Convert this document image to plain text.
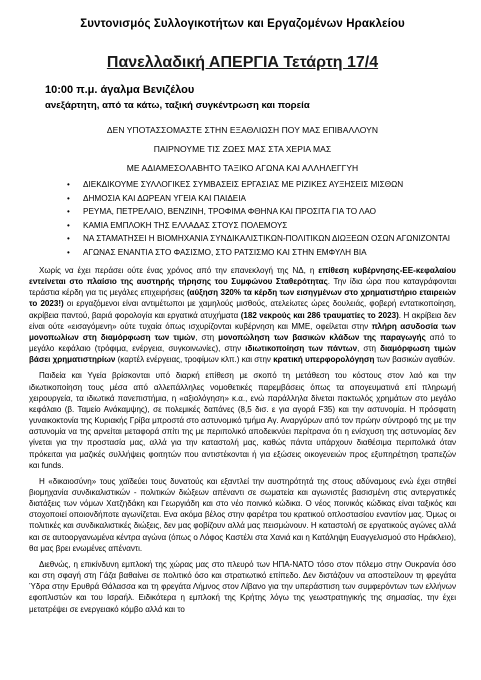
Συντονισμός Συλλογικοτήτων και Εργαζομένων Ηρακλείου
Πανελλαδική ΑΠΕΡΓΙΑ Τετάρτη 17/4
10:00 π.μ. άγαλμα Βενιζέλου
ανεξάρτητη, από τα κάτω, ταξική συγκέντρωση και πορεία
ΔΕΝ ΥΠΟΤΑΣΣΟΜΑΣΤΕ ΣΤΗΝ ΕΞΑΘΛΙΩΣΗ ΠΟΥ ΜΑΣ ΕΠΙΒΑΛΛΟΥΝ
ΠΑΙΡΝΟΥΜΕ ΤΙΣ ΖΩΕΣ ΜΑΣ ΣΤΑ ΧΕΡΙΑ ΜΑΣ
ΜΕ ΑΔΙΑΜΕΣΟΛΑΒΗΤΟ ΤΑΞΙΚΟ ΑΓΩΝΑ ΚΑΙ ΑΛΛΗΛΕΓΓΥΗ
• ΔΙΕΚΔΙΚΟΥΜΕ ΣΥΛΛΟΓΙΚΕΣ ΣΥΜΒΑΣΕΙΣ ΕΡΓΑΣΙΑΣ ΜΕ ΡΙΖΙΚΕΣ ΑΥΞΗΣΕΙΣ ΜΙΣΘΩΝ
• ΔΗΜΟΣΙΑ ΚΑΙ ΔΩΡΕΑΝ ΥΓΕΙΑ ΚΑΙ ΠΑΙΔΕΙΑ
• ΡΕΥΜΑ, ΠΕΤΡΕΛΑΙΟ, ΒΕΝΖΙΝΗ, ΤΡΟΦΙΜΑ ΦΘΗΝΑ ΚΑΙ ΠΡΟΣΙΤΑ ΓΙΑ ΤΟ ΛΑΟ
• ΚΑΜΙΑ ΕΜΠΛΟΚΗ ΤΗΣ ΕΛΛΑΔΑΣ ΣΤΟΥΣ ΠΟΛΕΜΟΥΣ
• ΝΑ ΣΤΑΜΑΤΗΣΕΙ Η ΒΙΟΜΗΧΑΝΙΑ ΣΥΝΔΙΚΑΛΙΣΤΙΚΩΝ-ΠΟΛΙΤΙΚΩΝ ΔΙΩΞΕΩΝ ΟΣΩΝ ΑΓΩΝΙΖΟΝΤΑΙ
• ΑΓΩΝΑΣ ΕΝΑΝΤΙΑ ΣΤΟ ΦΑΣΙΣΜΟ, ΣΤΟ ΡΑΤΣΙΣΜΟ ΚΑΙ ΣΤΗΝ ΕΜΦΥΛΗ ΒΙΑ

Χωρίς να έχει περάσει ούτε ένας χρόνος από την επανεκλογή της ΝΔ, η επίθεση κυβέρνησης-ΕΕ-κεφαλαίου εντείνεται στο πλαίσιο της αυστηρής τήρησης του Συμφώνου Σταθερότητας. Την ίδια ώρα που καταγράφονται τεράστια κέρδη για τις μεγάλες επιχειρήσεις (αύξηση 320% τα κέρδη των εισηγμένων στο χρηματιστήριο εταιρειών το 2023!) οι εργαζόμενοι είναι αντιμέτωποι με χαμηλούς μισθούς, ατελείωτες ώρες δουλειάς, φοβερή εντατικοποίηση, ακρίβεια παντού, βαριά φορολογία και εργατικά ατυχήματα (182 νεκρούς και 286 τραυματίες το 2023). Η ακρίβεια δεν είναι ούτε «εισαγόμενη» ούτε τυχαία όπως ισχυρίζονται κυβέρνηση και ΜΜΕ, οφείλεται στην πλήρη ασυδοσία των μονοπωλίων στη διαμόρφωση των τιμών, στη μονοπώληση των βασικών κλάδων της παραγωγής από το μεγάλο κεφάλαιο (τρόφιμα, ενέργεια, συγκοινωνίες), στην ιδιωτικοποίηση των πάντων, στη διαμόρφωση τιμών βάσει χρηματιστηρίων (καρτέλ ενέργειας, τροφίμων κλπ.) και στην κρατική υπερφορολόγηση των βασικών αγαθών.

Παιδεία και Υγεία βρίσκονται υπό διαρκή επίθεση με σκοπό τη μετάθεση του κόστους στον λαό και την ιδιωτικοποίηση τους μέσα από αλλεπάλληλες νομοθετικές παρεμβάσεις όπως τα απογευματινά επί πληρωμή χειρουργεία, τα ιδιωτικά πανεπιστήμια, η «αξιολόγηση» κ.α., ενώ παράλληλα δίνεται πακτωλός χρημάτων στο μεγάλο κεφάλαιο (β. Ταμείο Ανάκαμψης), σε πολεμικές δαπάνες (8,5 δισ. ε για αγορά F35) και την αστυνομία. Η πρόσφατη γυναικοκτονία της Κυριακής Γρίβα μπροστά στο αστυνομικό τμήμα Αγ. Αναργύρων από τον πρώην σύντροφό της με την αστυνομία να της αρνείται μεταφορά σπίτι της με περιπολικό αποδεικνύει περίτρανα ότι η ενίσχυση της αστυνομίας δεν γίνεται για την προστασία μας, αλλά για την καταστολή μας, καθώς πάντα υπάρχουν διαθέσιμα περιπολικά όταν πρόκειται για μαζικές συλλήψεις φοιτητών που αντιστέκονται ή για εξώσεις οικογενειών προς εξυπηρέτηση τραπεζών και funds.

Η «δικαιοσύνη» τους χαϊδεύει τους δυνατούς και εξαντλεί την αυστηρότητά της στους αδύναμους ενώ έχει στηθεί βιομηχανία συνδικαλιστικών - πολιτικών διώξεων απέναντι σε σωματεία και αγωνιστές βασισμένη στις αντεργατικές διατάξεις των νόμων Χατζηδάκη και Γεωργιάδη και στο νέο ποινικό κώδικα. Ο νέος ποινικός κώδικας είναι ταξικός και στοχοποιεί οποιονδήποτε αγωνίζεται. Ενα ακόμα βέλος στην φαρέτρα του κρατικού οπλοστασίου εναντίον μας. Όμως οι πολιτικές και συνδικαλιστικές διώξεις, δεν μας φοβίζουν αλλά μας πεισμώνουν. Η καταστολή σε εργατικούς αγώνες αλλά και σε αυτοοργανωμένα κέντρα αγώνα (όπως ο Λόφος Καστέλι στα Χανιά και η Κατάληψη Ευαγγελισμού στο Ηράκλειο), θα μας βρει ενωμένες απέναντι.

Διεθνώς, η επικίνδυνη εμπλοκή της χώρας μας στο πλευρό των ΗΠΑ-ΝΑΤΟ τόσο στον πόλεμο στην Ουκρανία όσο και στη σφαγή στη Γάζα βαθαίνει σε πολιτικό όσο και στρατιωτικό επίπεδο. Δεν διστάζουν να αποστείλουν τη φρεγάτα Ύδρα στην Ερυθρά Θάλασσα και τη φρεγάτα Λήμνος στον Λίβανο για την υπεράσπιση των συμφερόντων των ελλήνων εφοπλιστών και του Ισραήλ. Ειδικότερα η εμπλοκή της Κρήτης λόγω της γεωστρατηγικής της σημασίας, την έχει μετατρέψει σε ενεργειακό κόμβο αλλά και το
